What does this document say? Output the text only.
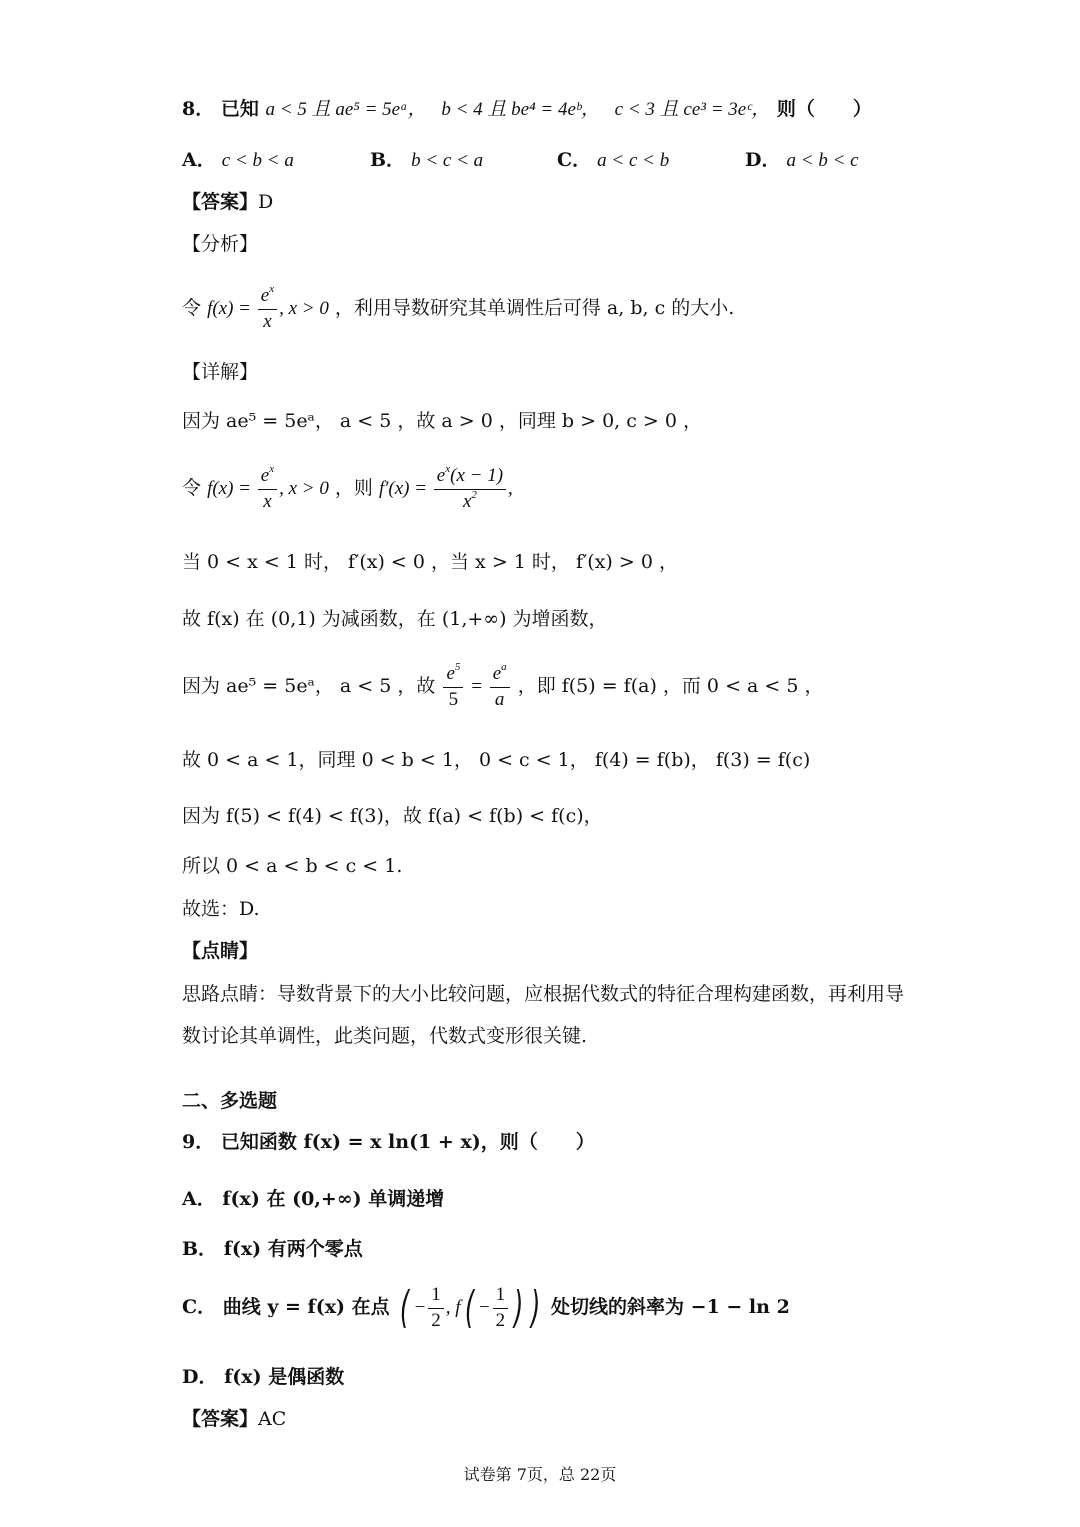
8． 已知 a < 5 且 ae⁵ = 5eᵃ， b < 4 且 be⁴ = 4eᵇ， c < 3 且 ce³ = 3eᶜ， 则（　　）
A． c < b < a	B． b < c < a	C． a < c < b	D． a < b < c
【答案】D
【分析】
令 $f(x) = \frac{e^x}{x}$ , x > 0 ，利用导数研究其单调性后可得 a, b, c 的大小.
【详解】
因为 ae⁵ = 5eᵃ， a < 5 ，故 a > 0 ，同理 b > 0, c > 0 ，
令 $f(x) = \frac{e^x}{x}$ , x > 0 ，则 $f'(x) = \frac{e^x(x - 1)}{x^2}$ ,
当 0 < x < 1 时， f′(x) < 0 ，当 x > 1 时， f′(x) > 0 ，
故 f(x) 在 (0,1) 为减函数，在 (1,+∞) 为增函数，
因为 ae⁵ = 5eᵃ， a < 5 ，故 $\frac{e^5}{5} = \frac{e^a}{a}$ ，即 f(5) = f(a) ，而 0 < a < 5 ，
故 0 < a < 1，同理 0 < b < 1， 0 < c < 1， f(4) = f(b)， f(3) = f(c)
因为 f(5) < f(4) < f(3)，故 f(a) < f(b) < f(c)，
所以 0 < a < b < c < 1.
故选：D.
【点睛】
思路点睛：导数背景下的大小比较问题，应根据代数式的特征合理构建函数，再利用导
数讨论其单调性，此类问题，代数式变形很关键.
二、多选题
9． 已知函数 f(x) = x ln(1 + x)，则（　　）
A． f(x) 在 (0,+∞) 单调递增
B． f(x) 有两个零点
C． 曲线 y = f(x) 在点 ( − $\frac{1}{2}$ , $f( - \frac{1}{2}$ ) ) 处切线的斜率为 −1 − ln 2
D． f(x) 是偶函数
【答案】AC
试卷第 7页，总 22页
